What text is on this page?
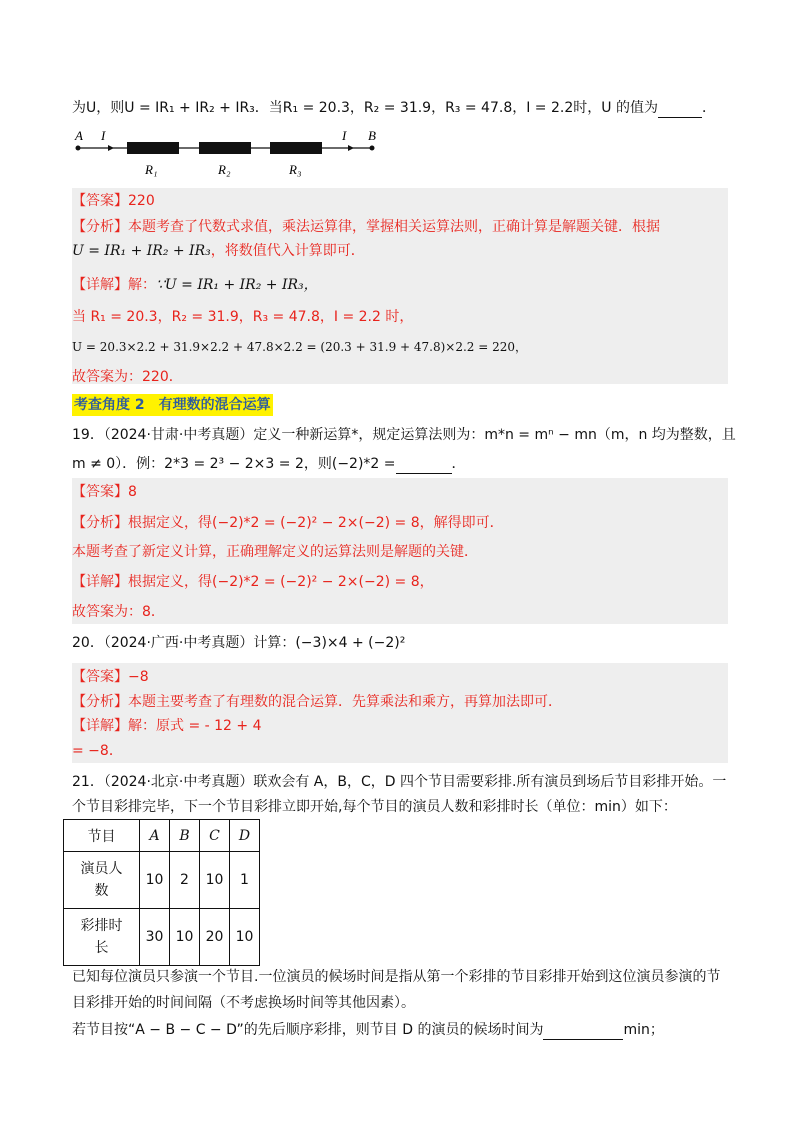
为U，则U = IR₁ + IR₂ + IR₃．当R₁ = 20.3，R₂ = 31.9，R₃ = 47.8，I = 2.2时，U 的值为	．
A I	I B
R₁	R₂	R₃
【答案】220
【分析】本题考查了代数式求值，乘法运算律，掌握相关运算法则，正确计算是解题关键．根据
U = IR₁ + IR₂ + IR₃，将数值代入计算即可．
【详解】解：∵U = IR₁ + IR₂ + IR₃，
当 R₁ = 20.3，R₂ = 31.9，R₃ = 47.8，I = 2.2 时，
U = 20.3×2.2 + 31.9×2.2 + 47.8×2.2 = (20.3 + 31.9 + 47.8)×2.2 = 220，
故答案为：220．
考查角度 2　有理数的混合运算
19．（2024·甘肃·中考真题）定义一种新运算*，规定运算法则为：m*n = mⁿ − mn（m，n 均为整数，且
m ≠ 0）．例：2*3 = 2³ − 2×3 = 2，则(−2)*2 =	．
【答案】8
【分析】根据定义，得(−2)*2 = (−2)² − 2×(−2) = 8，解得即可．
本题考查了新定义计算，正确理解定义的运算法则是解题的关键．
【详解】根据定义，得(−2)*2 = (−2)² − 2×(−2) = 8，
故答案为：8．
20．（2024·广西·中考真题）计算：(−3)×4 + (−2)²
【答案】−8
【分析】本题主要考查了有理数的混合运算．先算乘法和乘方，再算加法即可．
【详解】解：原式 = - 12 + 4
= −8．
21．（2024·北京·中考真题）联欢会有 A，B，C，D 四个节目需要彩排.所有演员到场后节目彩排开始。一
个节目彩排完毕，下一个节目彩排立即开始,每个节目的演员人数和彩排时长（单位：min）如下：
节目	A	B	C	D

演员人数	10	2	10	1

彩排时长	30	10	20	10
已知每位演员只参演一个节目.一位演员的候场时间是指从第一个彩排的节目彩排开始到这位演员参演的节
目彩排开始的时间间隔（不考虑换场时间等其他因素）。
若节目按“A − B − C − D”的先后顺序彩排，则节目 D 的演员的候场时间为	min；
